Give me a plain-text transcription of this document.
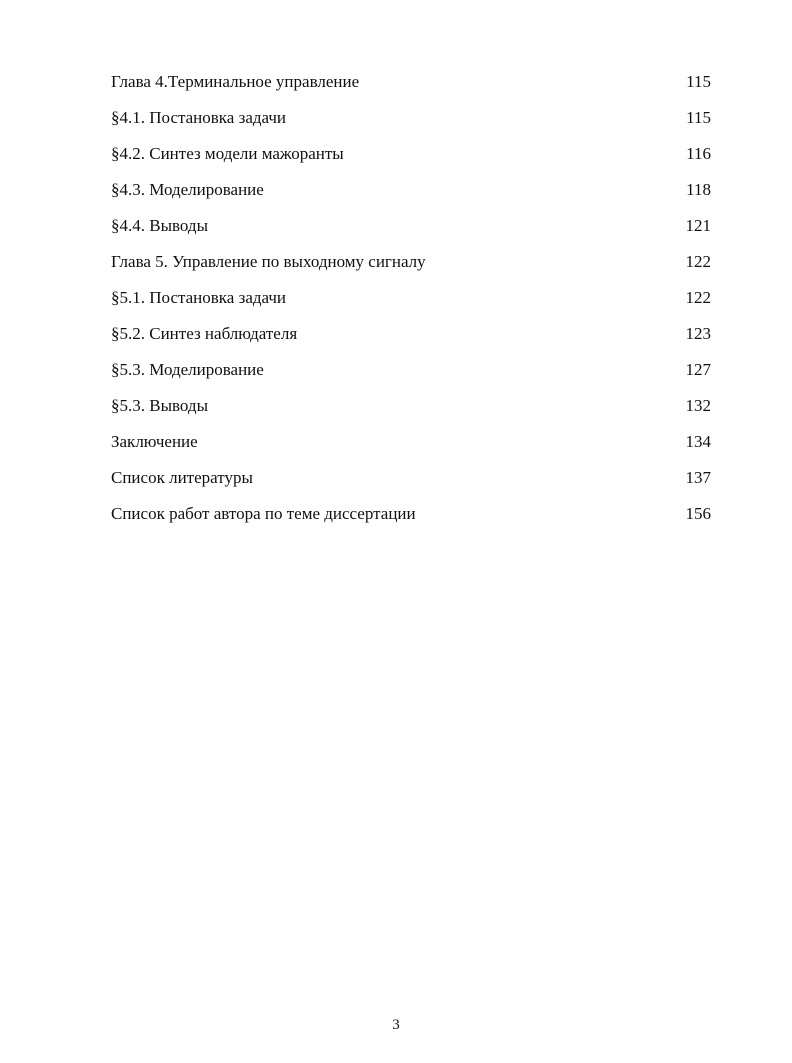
Глава 4.Терминальное управление	115
§4.1. Постановка задачи	115
§4.2. Синтез модели мажоранты	116
§4.3. Моделирование	118
§4.4. Выводы	121
Глава 5. Управление по выходному сигналу	122
§5.1. Постановка задачи	122
§5.2. Синтез наблюдателя	123
§5.3. Моделирование	127
§5.3. Выводы	132
Заключение	134
Список литературы	137
Список работ автора по теме диссертации	156
3
